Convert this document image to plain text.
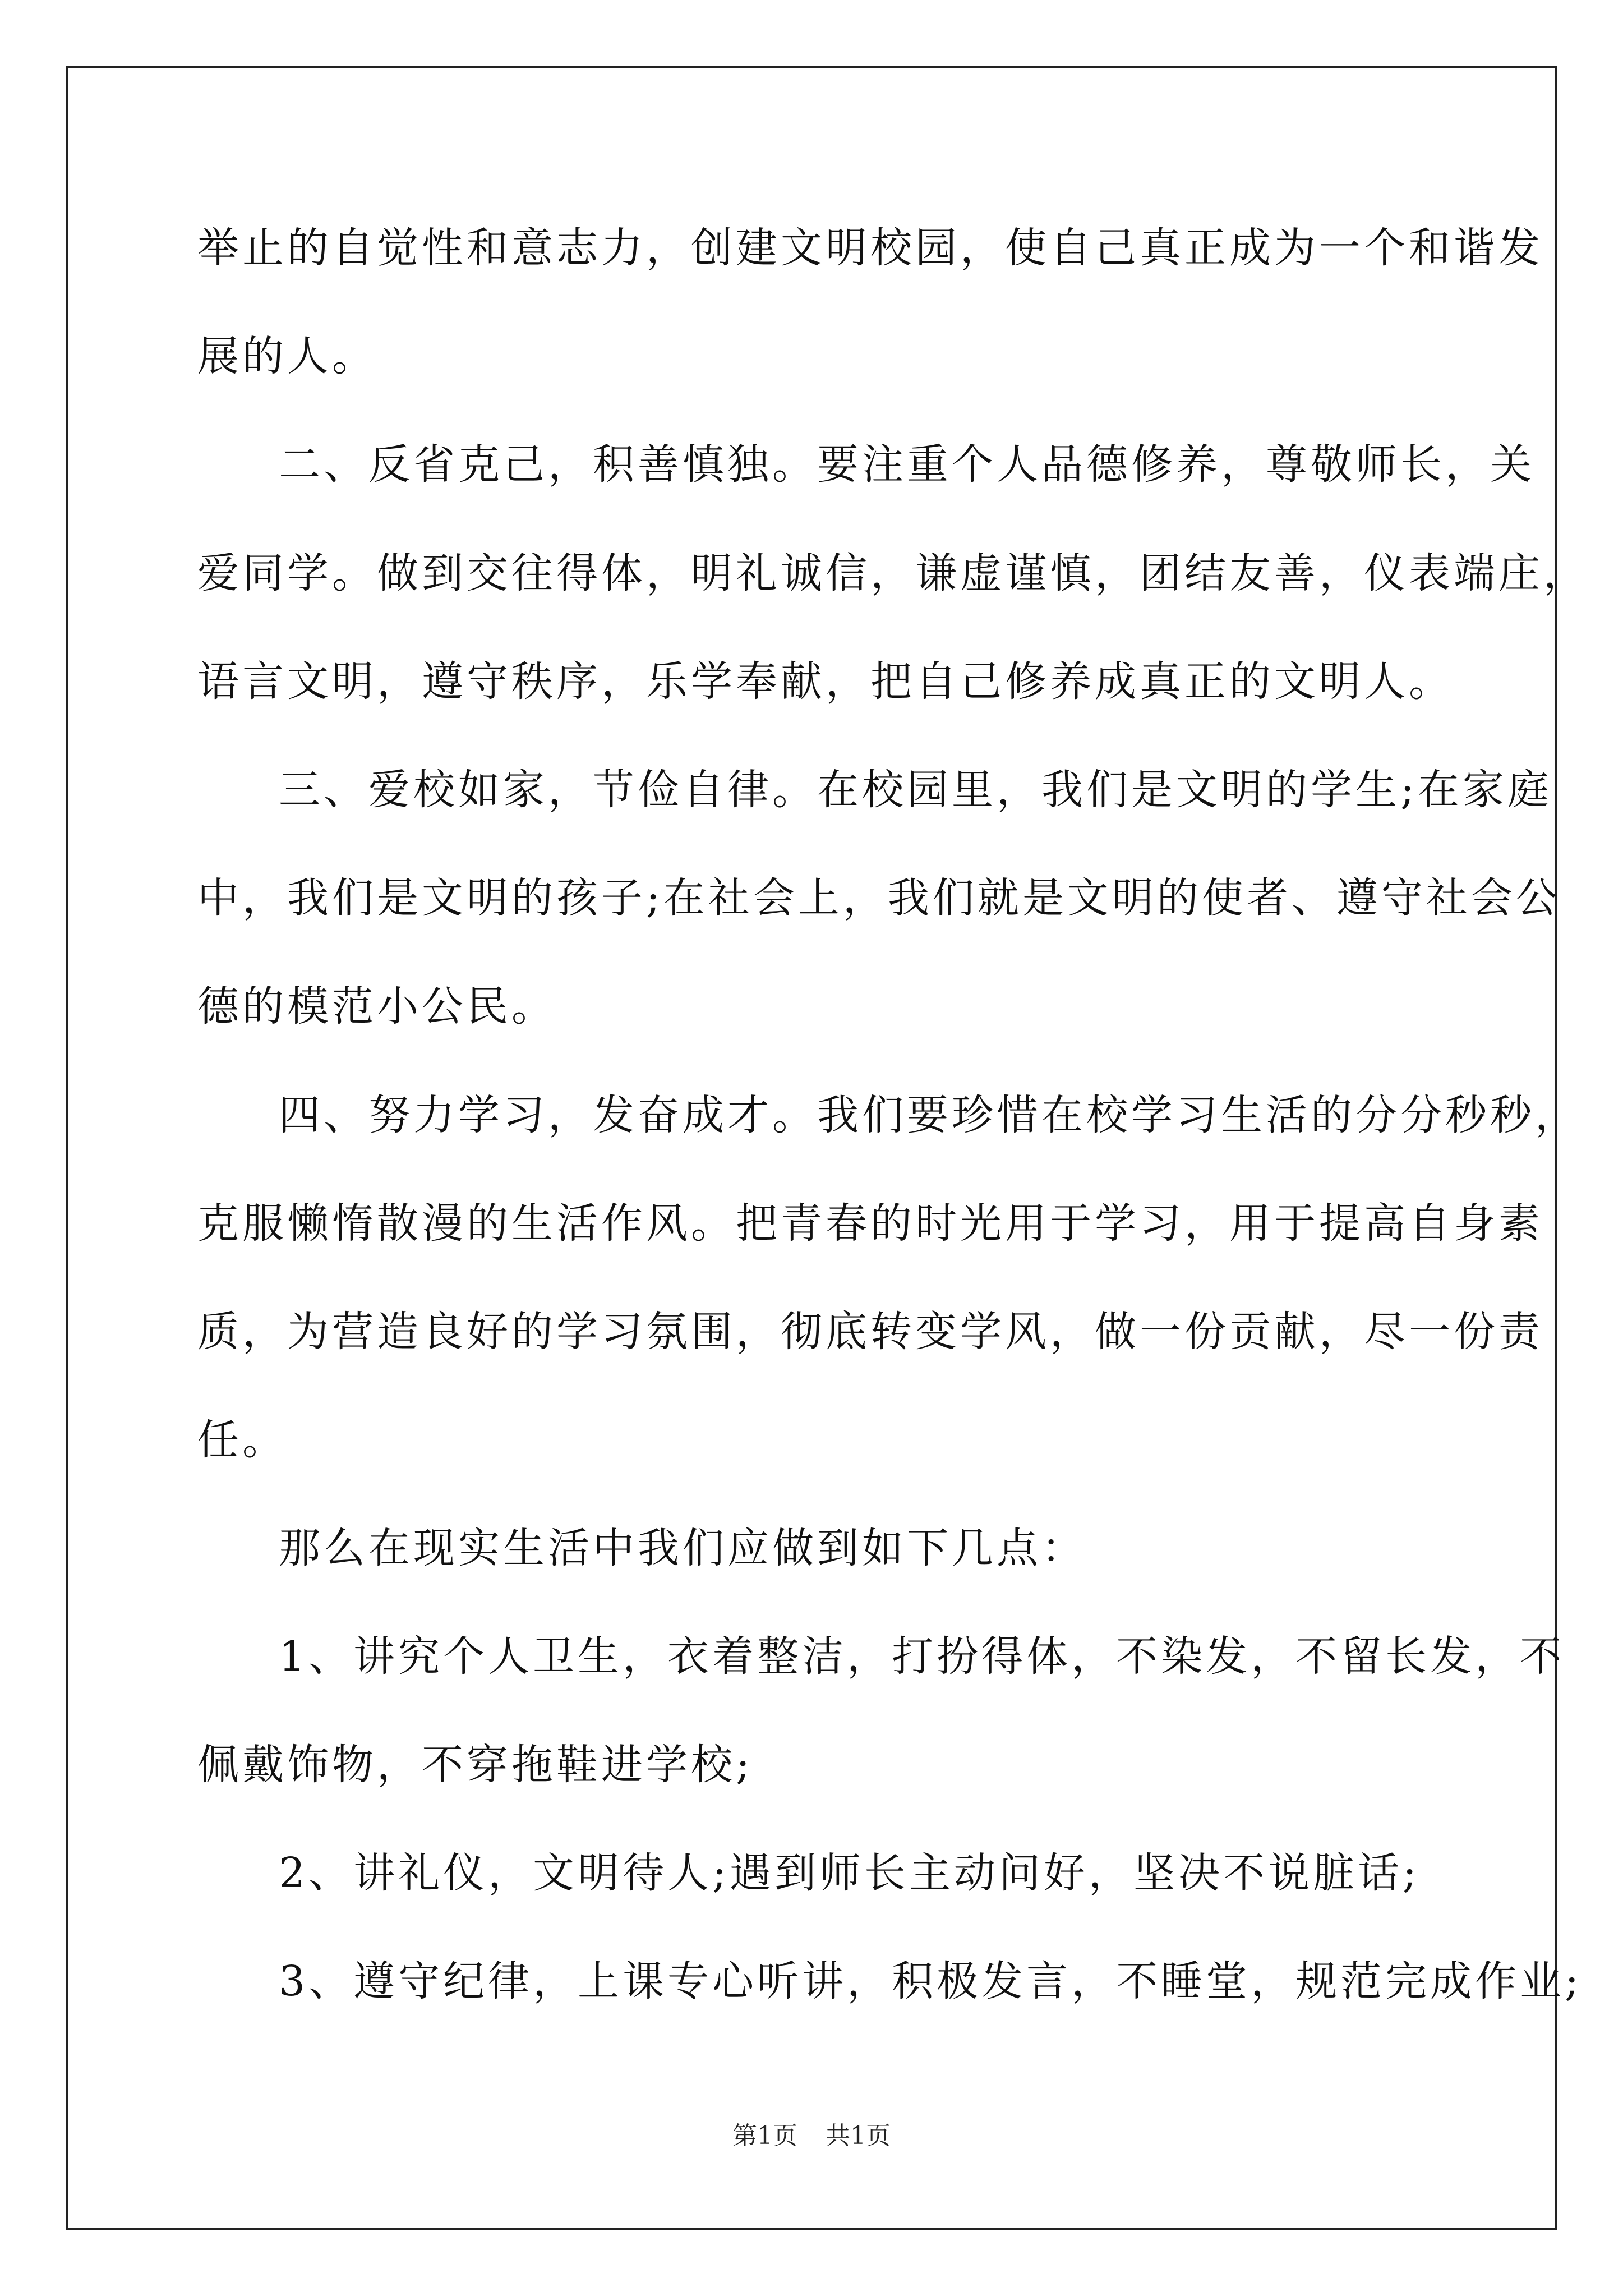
举止的自觉性和意志力，创建文明校园，使自己真正成为一个和谐发
展的人。
二、反省克己，积善慎独。要注重个人品德修养，尊敬师长，关
爱同学。做到交往得体，明礼诚信，谦虚谨慎，团结友善，仪表端庄，
语言文明，遵守秩序，乐学奉献，把自己修养成真正的文明人。
三、爱校如家，节俭自律。在校园里，我们是文明的学生;在家庭
中，我们是文明的孩子;在社会上，我们就是文明的使者、遵守社会公
德的模范小公民。
四、努力学习，发奋成才。我们要珍惜在校学习生活的分分秒秒，
克服懒惰散漫的生活作风。把青春的时光用于学习，用于提高自身素
质，为营造良好的学习氛围，彻底转变学风，做一份贡献，尽一份责
任。
那么在现实生活中我们应做到如下几点：
1、讲究个人卫生，衣着整洁，打扮得体，不染发，不留长发，不
佩戴饰物，不穿拖鞋进学校;
2、讲礼仪，文明待人;遇到师长主动问好，坚决不说脏话;
3、遵守纪律，上课专心听讲，积极发言，不睡堂，规范完成作业;
第1页 共1页
